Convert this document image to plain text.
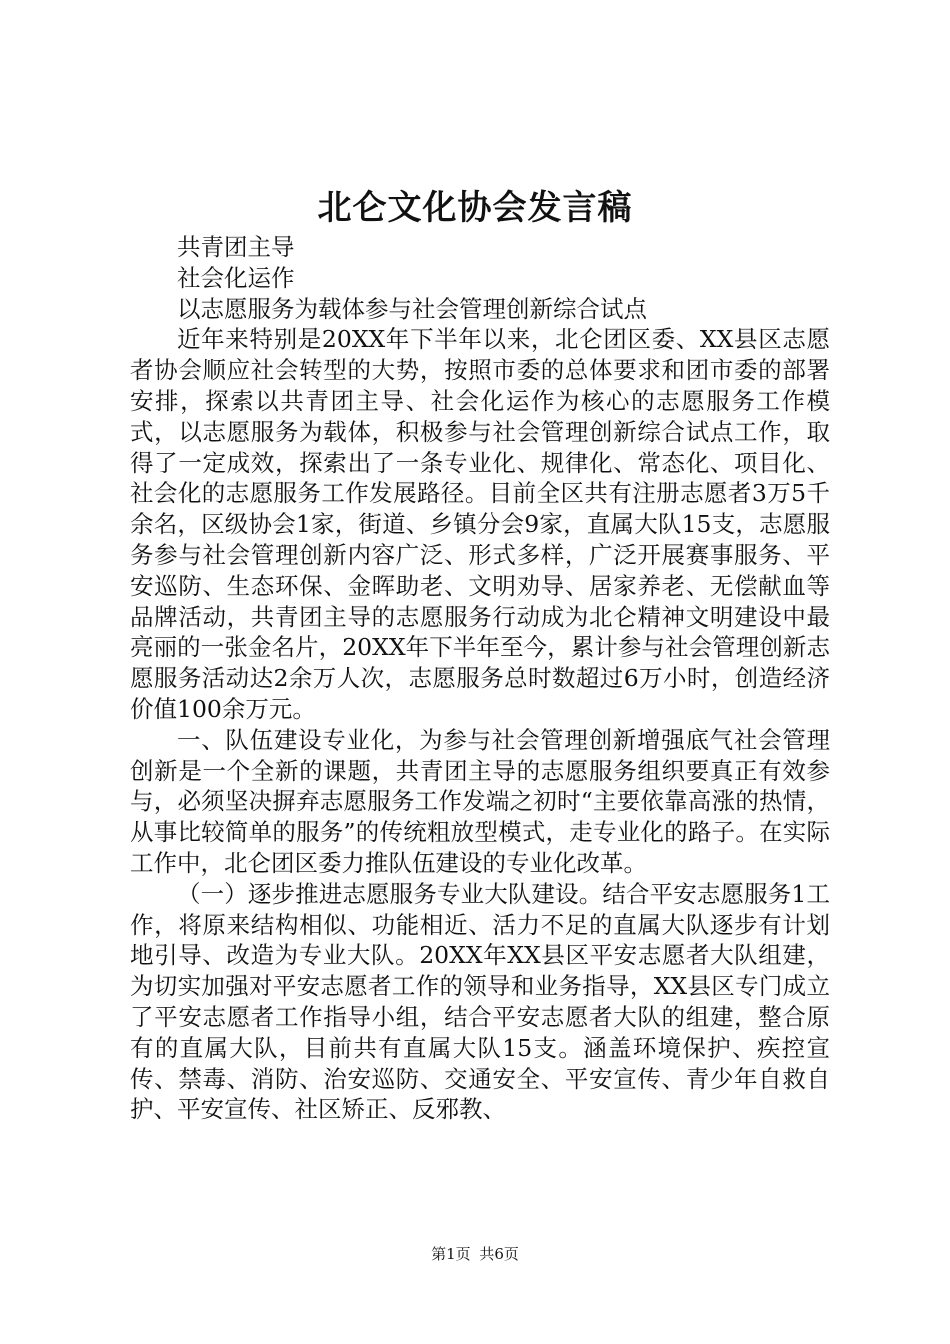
北仑文化协会发言稿

共青团主导

社会化运作

以志愿服务为载体参与社会管理创新综合试点

近年来特别是20XX年下半年以来，北仑团区委、XX县区志愿者协会顺应社会转型的大势，按照市委的总体要求和团市委的部署安排，探索以共青团主导、社会化运作为核心的志愿服务工作模式，以志愿服务为载体，积极参与社会管理创新综合试点工作，取得了一定成效，探索出了一条专业化、规律化、常态化、项目化、社会化的志愿服务工作发展路径。目前全区共有注册志愿者3万5千余名，区级协会1家，街道、乡镇分会9家，直属大队15支，志愿服务参与社会管理创新内容广泛、形式多样，广泛开展赛事服务、平安巡防、生态环保、金晖助老、文明劝导、居家养老、无偿献血等品牌活动，共青团主导的志愿服务行动成为北仑精神文明建设中最亮丽的一张金名片，20XX年下半年至今，累计参与社会管理创新志愿服务活动达2余万人次，志愿服务总时数超过6万小时，创造经济价值100余万元。

一、队伍建设专业化，为参与社会管理创新增强底气社会管理创新是一个全新的课题，共青团主导的志愿服务组织要真正有效参与，必须坚决摒弃志愿服务工作发端之初时“主要依靠高涨的热情，从事比较简单的服务”的传统粗放型模式，走专业化的路子。在实际工作中，北仑团区委力推队伍建设的专业化改革。

（一）逐步推进志愿服务专业大队建设。结合平安志愿服务1工作，将原来结构相似、功能相近、活力不足的直属大队逐步有计划地引导、改造为专业大队。20XX年XX县区平安志愿者大队组建，为切实加强对平安志愿者工作的领导和业务指导，XX县区专门成立了平安志愿者工作指导小组，结合平安志愿者大队的组建，整合原有的直属大队，目前共有直属大队15支。涵盖环境保护、疾控宣传、禁毒、消防、治安巡防、交通安全、平安宣传、青少年自救自护、平安宣传、社区矫正、反邪教、

第1页 共6页
